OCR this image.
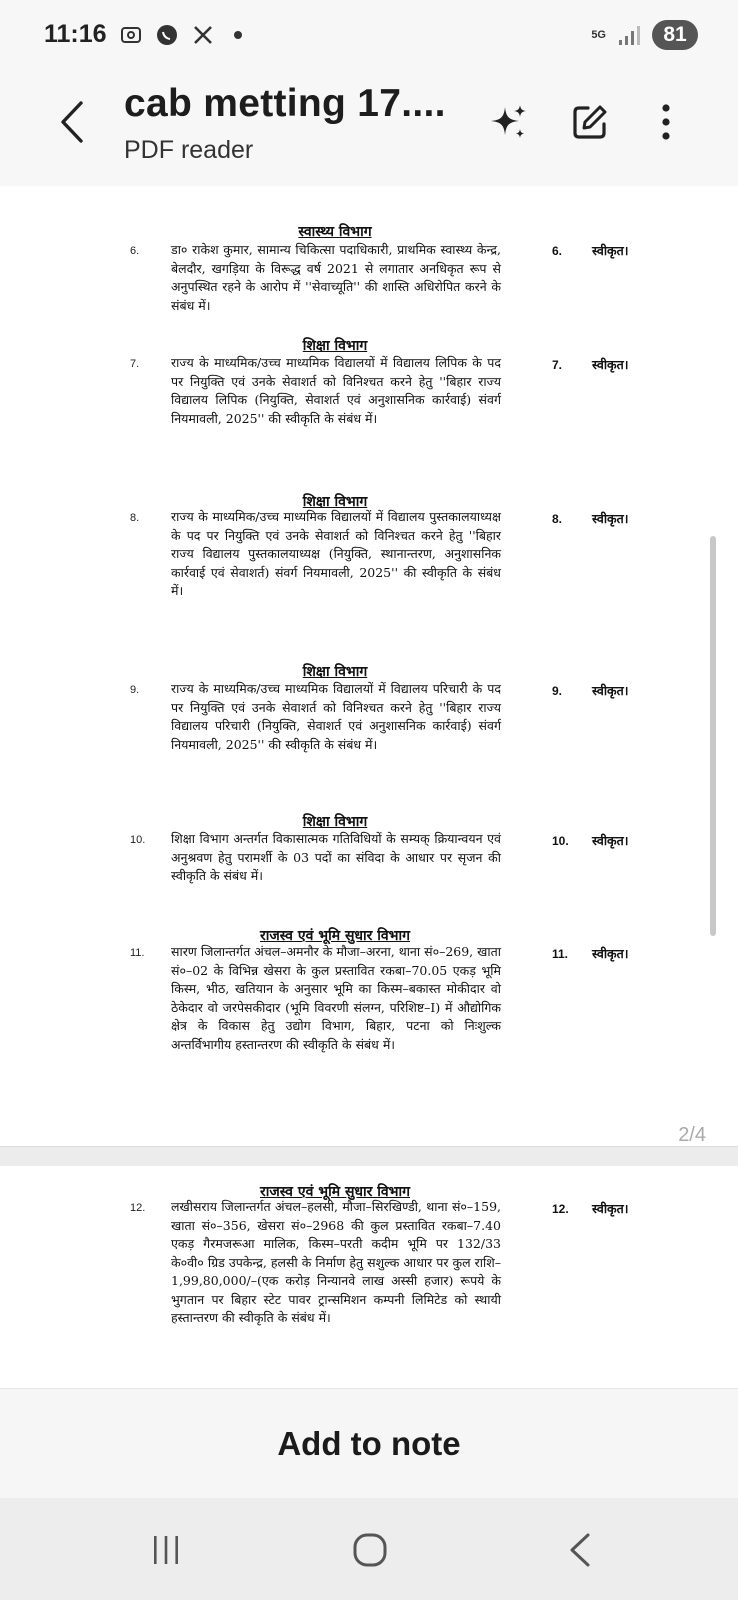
11:16	5G	81
cab metting 17....
PDF reader
स्वास्थ्य विभाग
6.	डा० राकेश कुमार, सामान्य चिकित्सा पदाधिकारी, प्राथमिक स्वास्थ्य केन्द्र, बेलदौर, खगड़िया के विरूद्ध वर्ष 2021 से लगातार अनधिकृत रूप से अनुपस्थित रहने के आरोप में ''सेवाच्यूति'' की शास्ति अधिरोपित करने के संबंध में।
6. स्वीकृत।
शिक्षा विभाग
7.	राज्य के माध्यमिक/उच्च माध्यमिक विद्यालयों में विद्यालय लिपिक के पद पर नियुक्ति एवं उनके सेवाशर्त को विनिश्चत करने हेतु ''बिहार राज्य विद्यालय लिपिक (नियुक्ति, सेवाशर्त एवं अनुशासनिक कार्रवाई) संवर्ग नियमावली, 2025'' की स्वीकृति के संबंध में।
7. स्वीकृत।
शिक्षा विभाग
8.	राज्य के माध्यमिक/उच्च माध्यमिक विद्यालयों में विद्यालय पुस्तकालयाध्यक्ष के पद पर नियुक्ति एवं उनके सेवाशर्त को विनिश्चत करने हेतु ''बिहार राज्य विद्यालय पुस्तकालयाध्यक्ष (नियुक्ति, स्थानान्तरण, अनुशासनिक कार्रवाई एवं सेवाशर्त) संवर्ग नियमावली, 2025'' की स्वीकृति के संबंध में।
8. स्वीकृत।
शिक्षा विभाग
9.	राज्य के माध्यमिक/उच्च माध्यमिक विद्यालयों में विद्यालय परिचारी के पद पर नियुक्ति एवं उनके सेवाशर्त को विनिश्चत करने हेतु ''बिहार राज्य विद्यालय परिचारी (नियुक्ति, सेवाशर्त एवं अनुशासनिक कार्रवाई) संवर्ग नियमावली, 2025'' की स्वीकृति के संबंध में।
9. स्वीकृत।
शिक्षा विभाग
10. शिक्षा विभाग अन्तर्गत विकासात्मक गतिविधियों के सम्यक् क्रियान्वयन एवं अनुश्रवण हेतु परामर्शी के 03 पदों का संविदा के आधार पर सृजन की स्वीकृति के संबंध में।
10. स्वीकृत।
राजस्व एवं भूमि सुधार विभाग
11. सारण जिलान्तर्गत अंचल–अमनौर के मौजा–अरना, थाना सं०–269, खाता सं०–02 के विभिन्न खेसरा के कुल प्रस्तावित रकबा–70.05 एकड़ भूमि किस्म, भीठ, खतियान के अनुसार भूमि का किस्म–बकास्त मोकीदार वो ठेकेदार वो जरपेसकीदार (भूमि विवरणी संलग्न, परिशिष्ट–I) में औद्योगिक क्षेत्र के विकास हेतु उद्योग विभाग, बिहार, पटना को निःशुल्क अन्तर्विभागीय हस्तान्तरण की स्वीकृति के संबंध में।
11. स्वीकृत।
2/4
राजस्व एवं भूमि सुधार विभाग
12. लखीसराय जिलान्तर्गत अंचल–हलसी, मौजा–सिरखिण्डी, थाना सं०–159, खाता सं०–356, खेसरा सं०–2968 की कुल प्रस्तावित रकबा–7.40 एकड़ गैरमजरूआ मालिक, किस्म–परती कदीम भूमि पर 132/33 के०वी० ग्रिड उपकेन्द्र, हलसी के निर्माण हेतु सशुल्क आधार पर कुल राशि–1,99,80,000/–(एक करोड़ निन्यानवे लाख अस्सी हजार) रूपये के भुगतान पर बिहार स्टेट पावर ट्रान्समिशन कम्पनी लिमिटेड को स्थायी हस्तान्तरण की स्वीकृति के संबंध में।
12. स्वीकृत।
Add to note
